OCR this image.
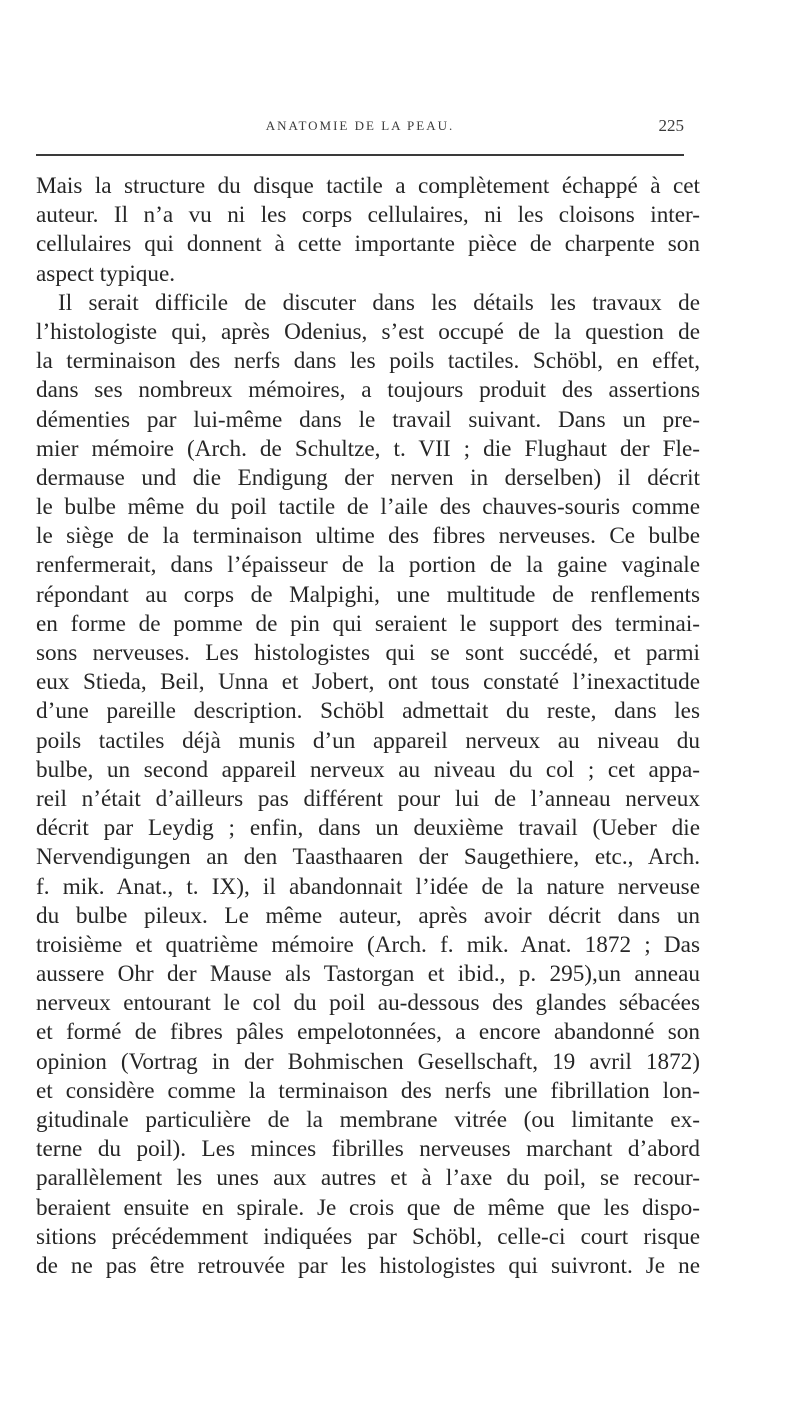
ANATOMIE DE LA PEAU.	225
Mais la structure du disque tactile a complètement échappé à cet
auteur. Il n’a vu ni les corps cellulaires, ni les cloisons inter-
cellulaires qui donnent à cette importante pièce de charpente son
aspect typique.
Il serait difficile de discuter dans les détails les travaux de
l’histologiste qui, après Odenius, s’est occupé de la question de
la terminaison des nerfs dans les poils tactiles. Schöbl, en effet,
dans ses nombreux mémoires, a toujours produit des assertions
démenties par lui-même dans le travail suivant. Dans un pre-
mier mémoire (Arch. de Schultze, t. VII ; die Flughaut der Fle-
dermause und die Endigung der nerven in derselben) il décrit
le bulbe même du poil tactile de l’aile des chauves-souris comme
le siège de la terminaison ultime des fibres nerveuses. Ce bulbe
renfermerait, dans l’épaisseur de la portion de la gaine vaginale
répondant au corps de Malpighi, une multitude de renflements
en forme de pomme de pin qui seraient le support des terminai-
sons nerveuses. Les histologistes qui se sont succédé, et parmi
eux Stieda, Beil, Unna et Jobert, ont tous constaté l’inexactitude
d’une pareille description. Schöbl admettait du reste, dans les
poils tactiles déjà munis d’un appareil nerveux au niveau du
bulbe, un second appareil nerveux au niveau du col ; cet appa-
reil n’était d’ailleurs pas différent pour lui de l’anneau nerveux
décrit par Leydig ; enfin, dans un deuxième travail (Ueber die
Nervendigungen an den Taasthaaren der Saugethiere, etc., Arch.
f. mik. Anat., t. IX), il abandonnait l’idée de la nature nerveuse
du bulbe pileux. Le même auteur, après avoir décrit dans un
troisième et quatrième mémoire (Arch. f. mik. Anat. 1872 ; Das
aussere Ohr der Mause als Tastorgan et ibid., p. 295),un anneau
nerveux entourant le col du poil au-dessous des glandes sébacées
et formé de fibres pâles empelotonnées, a encore abandonné son
opinion (Vortrag in der Bohmischen Gesellschaft, 19 avril 1872)
et considère comme la terminaison des nerfs une fibrillation lon-
gitudinale particulière de la membrane vitrée (ou limitante ex-
terne du poil). Les minces fibrilles nerveuses marchant d’abord
parallèlement les unes aux autres et à l’axe du poil, se recour-
beraient ensuite en spirale. Je crois que de même que les dispo-
sitions précédemment indiquées par Schöbl, celle-ci court risque
de ne pas être retrouvée par les histologistes qui suivront. Je ne
